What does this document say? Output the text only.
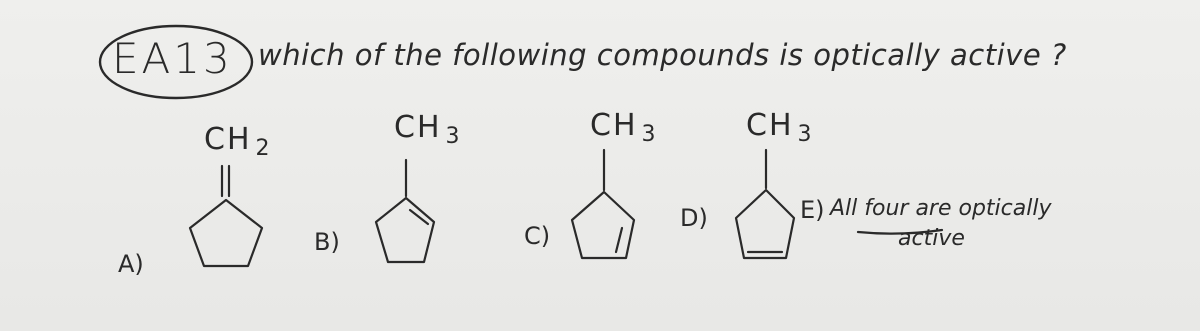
EA13 which of the following compounds is optically active ?
A)
B)	C)
D)	E)
CH $_2$
CH $_3$	CH $_3$	CH $_3$
All four are optically
active
